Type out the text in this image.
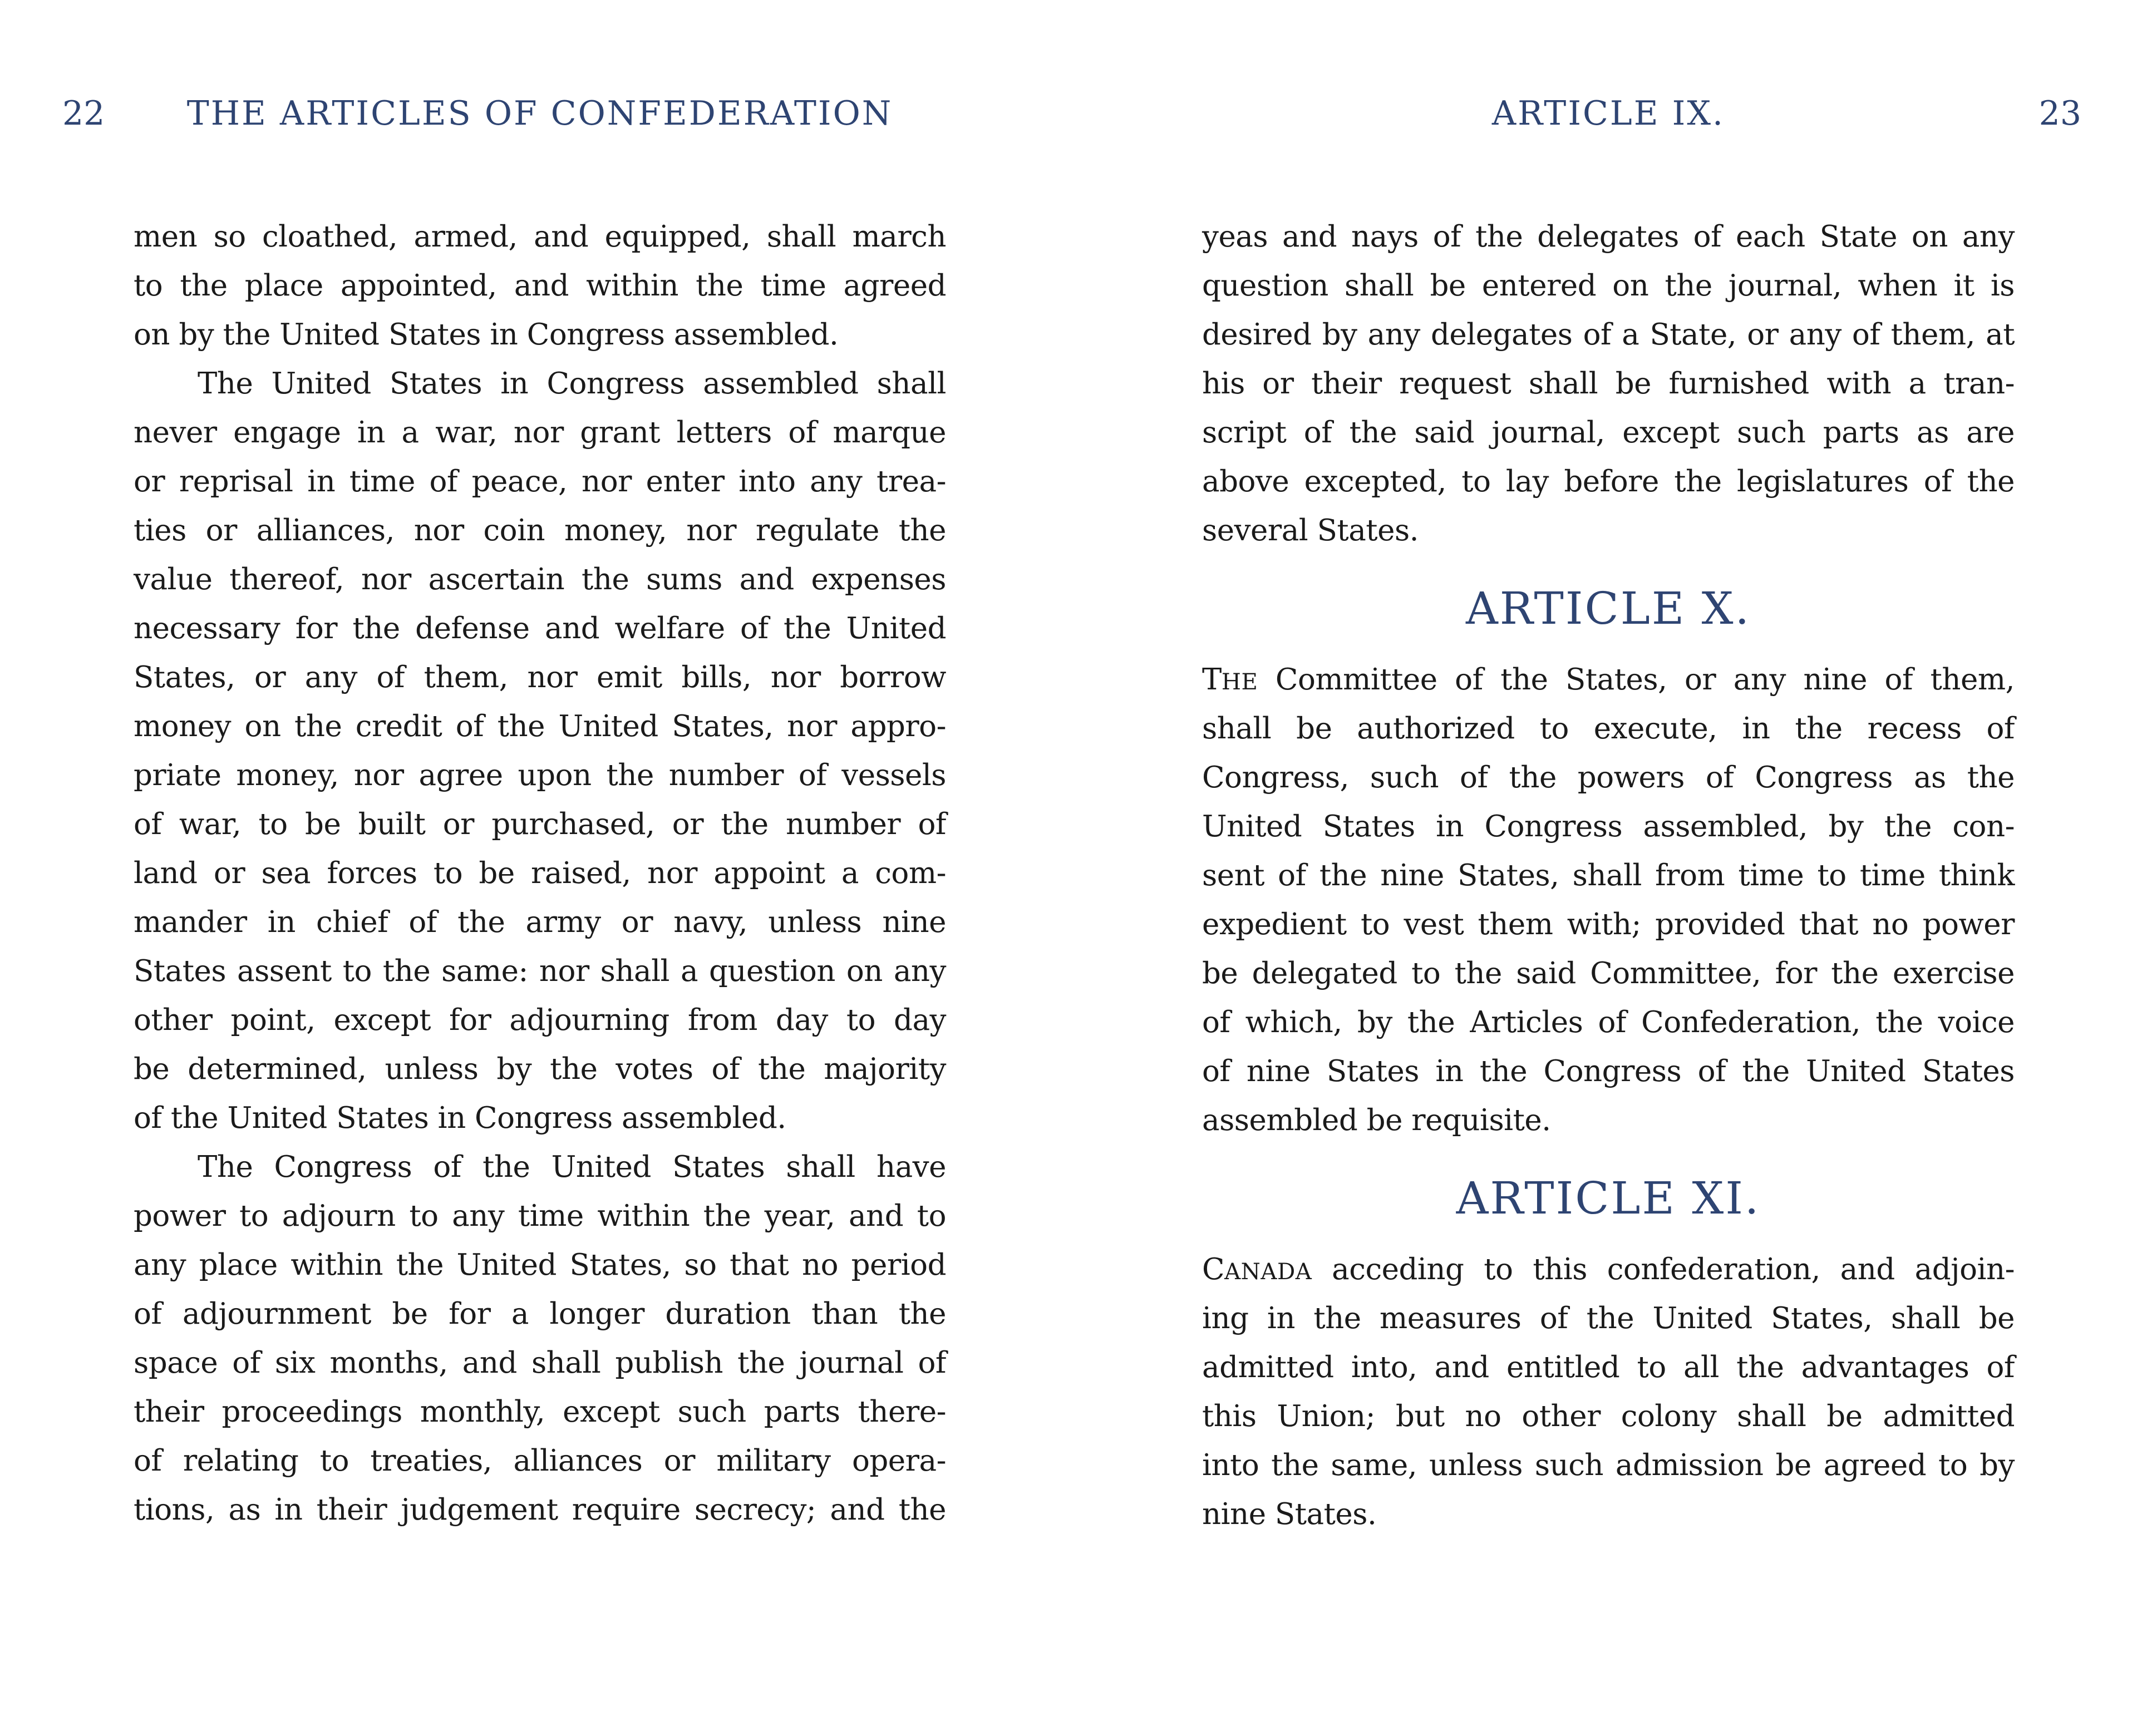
22	THE ARTICLES OF CONFEDERATION
men so cloathed, armed, and equipped, shall march
to the place appointed, and within the time agreed
on by the United States in Congress assembled.
The United States in Congress assembled shall
never engage in a war, nor grant letters of marque
or reprisal in time of peace, nor enter into any trea-
ties or alliances, nor coin money, nor regulate the
value thereof, nor ascertain the sums and expenses
necessary for the defense and welfare of the United
States, or any of them, nor emit bills, nor borrow
money on the credit of the United States, nor appro-
priate money, nor agree upon the number of vessels
of war, to be built or purchased, or the number of
land or sea forces to be raised, nor appoint a com-
mander in chief of the army or navy, unless nine
States assent to the same: nor shall a question on any
other point, except for adjourning from day to day
be determined, unless by the votes of the majority
of the United States in Congress assembled.
The Congress of the United States shall have
power to adjourn to any time within the year, and to
any place within the United States, so that no period
of adjournment be for a longer duration than the
space of six months, and shall publish the journal of
their proceedings monthly, except such parts there-
of relating to treaties, alliances or military opera-
tions, as in their judgement require secrecy; and the
ARTICLE IX.	23
yeas and nays of the delegates of each State on any
question shall be entered on the journal, when it is
desired by any delegates of a State, or any of them, at
his or their request shall be furnished with a tran-
script of the said journal, except such parts as are
above excepted, to lay before the legislatures of the
several States.
ARTICLE X.
THE Committee of the States, or any nine of them,
shall be authorized to execute, in the recess of
Congress, such of the powers of Congress as the
United States in Congress assembled, by the con-
sent of the nine States, shall from time to time think
expedient to vest them with; provided that no power
be delegated to the said Committee, for the exercise
of which, by the Articles of Confederation, the voice
of nine States in the Congress of the United States
assembled be requisite.
ARTICLE XI.
CANADA acceding to this confederation, and adjoin-
ing in the measures of the United States, shall be
admitted into, and entitled to all the advantages of
this Union; but no other colony shall be admitted
into the same, unless such admission be agreed to by
nine States.
